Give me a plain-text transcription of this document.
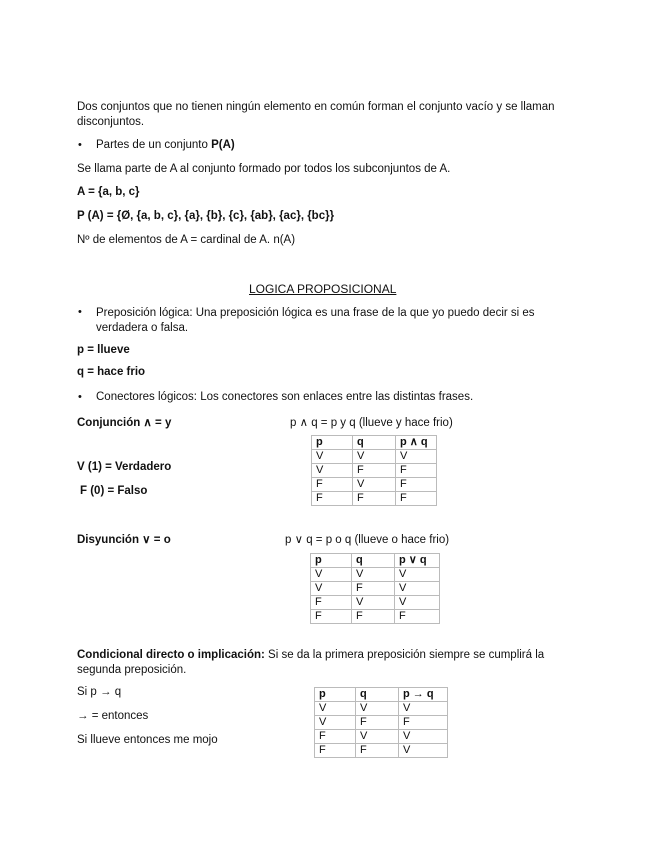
Dos conjuntos que no tienen ningún elemento en común forman el conjunto vacío y se llaman disconjuntos.
• Partes de un conjunto P(A)
Se llama parte de A al conjunto formado por todos los subconjuntos de A.
A = {a, b, c}
P (A) = {Ø, {a, b, c}, {a}, {b}, {c}, {ab}, {ac}, {bc}}
Nº de elementos de A = cardinal de A. n(A)
LOGICA PROPOSICIONAL
• Preposición lógica: Una preposición lógica es una frase de la que yo puedo decir si es verdadera o falsa.
p = llueve
q = hace frio
• Conectores lógicos: Los conectores son enlaces entre las distintas frases.
Conjunción ∧ = y	p ∧ q = p y q (llueve y hace frio)
p	q	p ∧ q
V	V	V
V	F	F
F	V	F
F	F	F
V (1) = Verdadero
F (0) = Falso
Disyunción ∨ = o	p ∨ q = p o q (llueve o hace frio)
p	q	p ∨ q
V	V	V
V	F	V
F	V	V
F	F	F
Condicional directo o implicación: Si se da la primera preposición siempre se cumplirá la segunda preposición.
Si p → q
→ = entonces
Si llueve entonces me mojo
p	q	p → q
V	V	V
V	F	F
F	V	V
F	F	V
